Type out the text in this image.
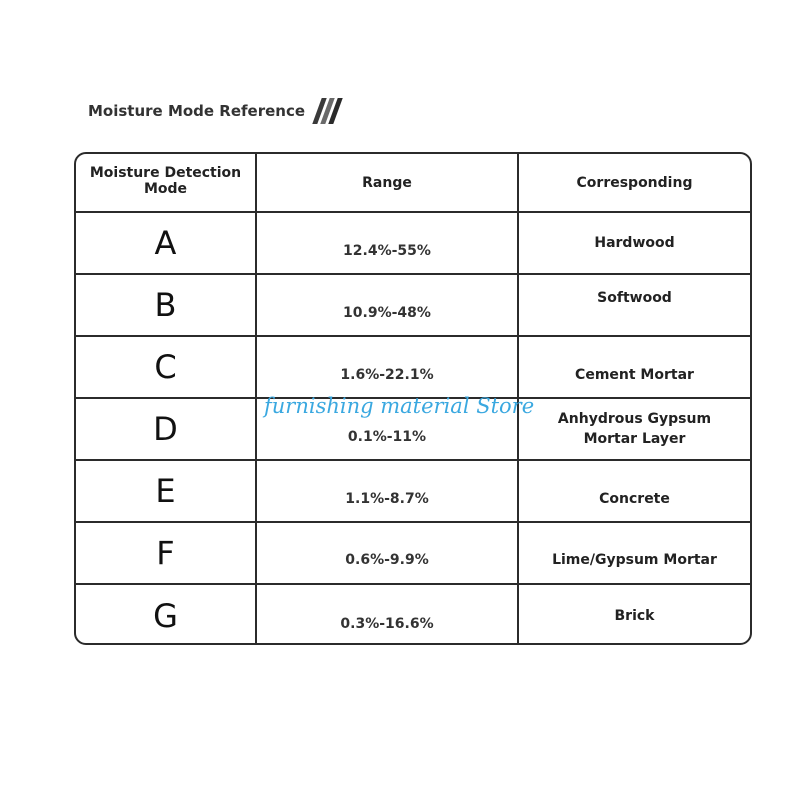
Moisture Mode Reference
Moisture Detection Mode	Range	Corresponding
A	12.4%-55%	Hardwood
B	10.9%-48%	Softwood
C	1.6%-22.1%	Cement Mortar
D	0.1%-11%	Anhydrous Gypsum Mortar Layer

E	1.1%-8.7%	Concrete
F	0.6%-9.9%	Lime/Gypsum Mortar
G	0.3%-16.6%	Brick
furnishing material Store
